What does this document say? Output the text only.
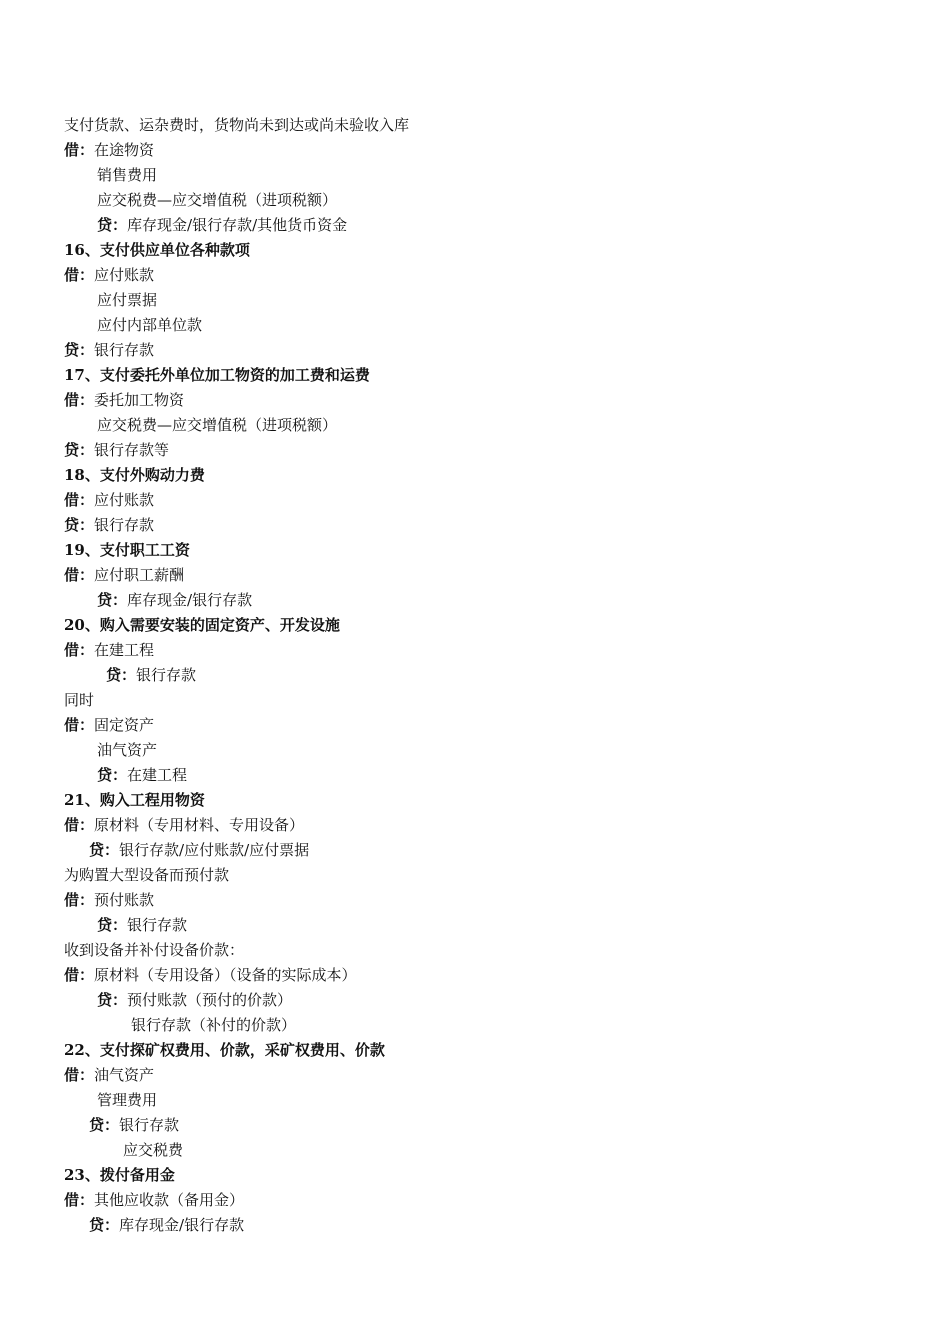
支付货款、运杂费时，货物尚未到达或尚未验收入库
借：在途物资
销售费用
应交税费—应交增值税（进项税额）
贷：库存现金/银行存款/其他货币资金
16、支付供应单位各种款项
借：应付账款
应付票据
应付内部单位款
贷：银行存款
17、支付委托外单位加工物资的加工费和运费
借：委托加工物资
应交税费—应交增值税（进项税额）
贷：银行存款等
18、支付外购动力费
借：应付账款
贷：银行存款
19、支付职工工资
借：应付职工薪酬
贷：库存现金/银行存款
20、购入需要安装的固定资产、开发设施
借：在建工程
贷：银行存款
同时
借：固定资产
油气资产
贷：在建工程
21、购入工程用物资
借：原材料（专用材料、专用设备）
贷：银行存款/应付账款/应付票据
为购置大型设备而预付款
借：预付账款
贷：银行存款
收到设备并补付设备价款：
借：原材料（专用设备）（设备的实际成本）
贷：预付账款（预付的价款）
银行存款（补付的价款）
22、支付探矿权费用、价款，采矿权费用、价款
借：油气资产
管理费用
贷：银行存款
应交税费
23、拨付备用金
借：其他应收款（备用金）
贷：库存现金/银行存款
